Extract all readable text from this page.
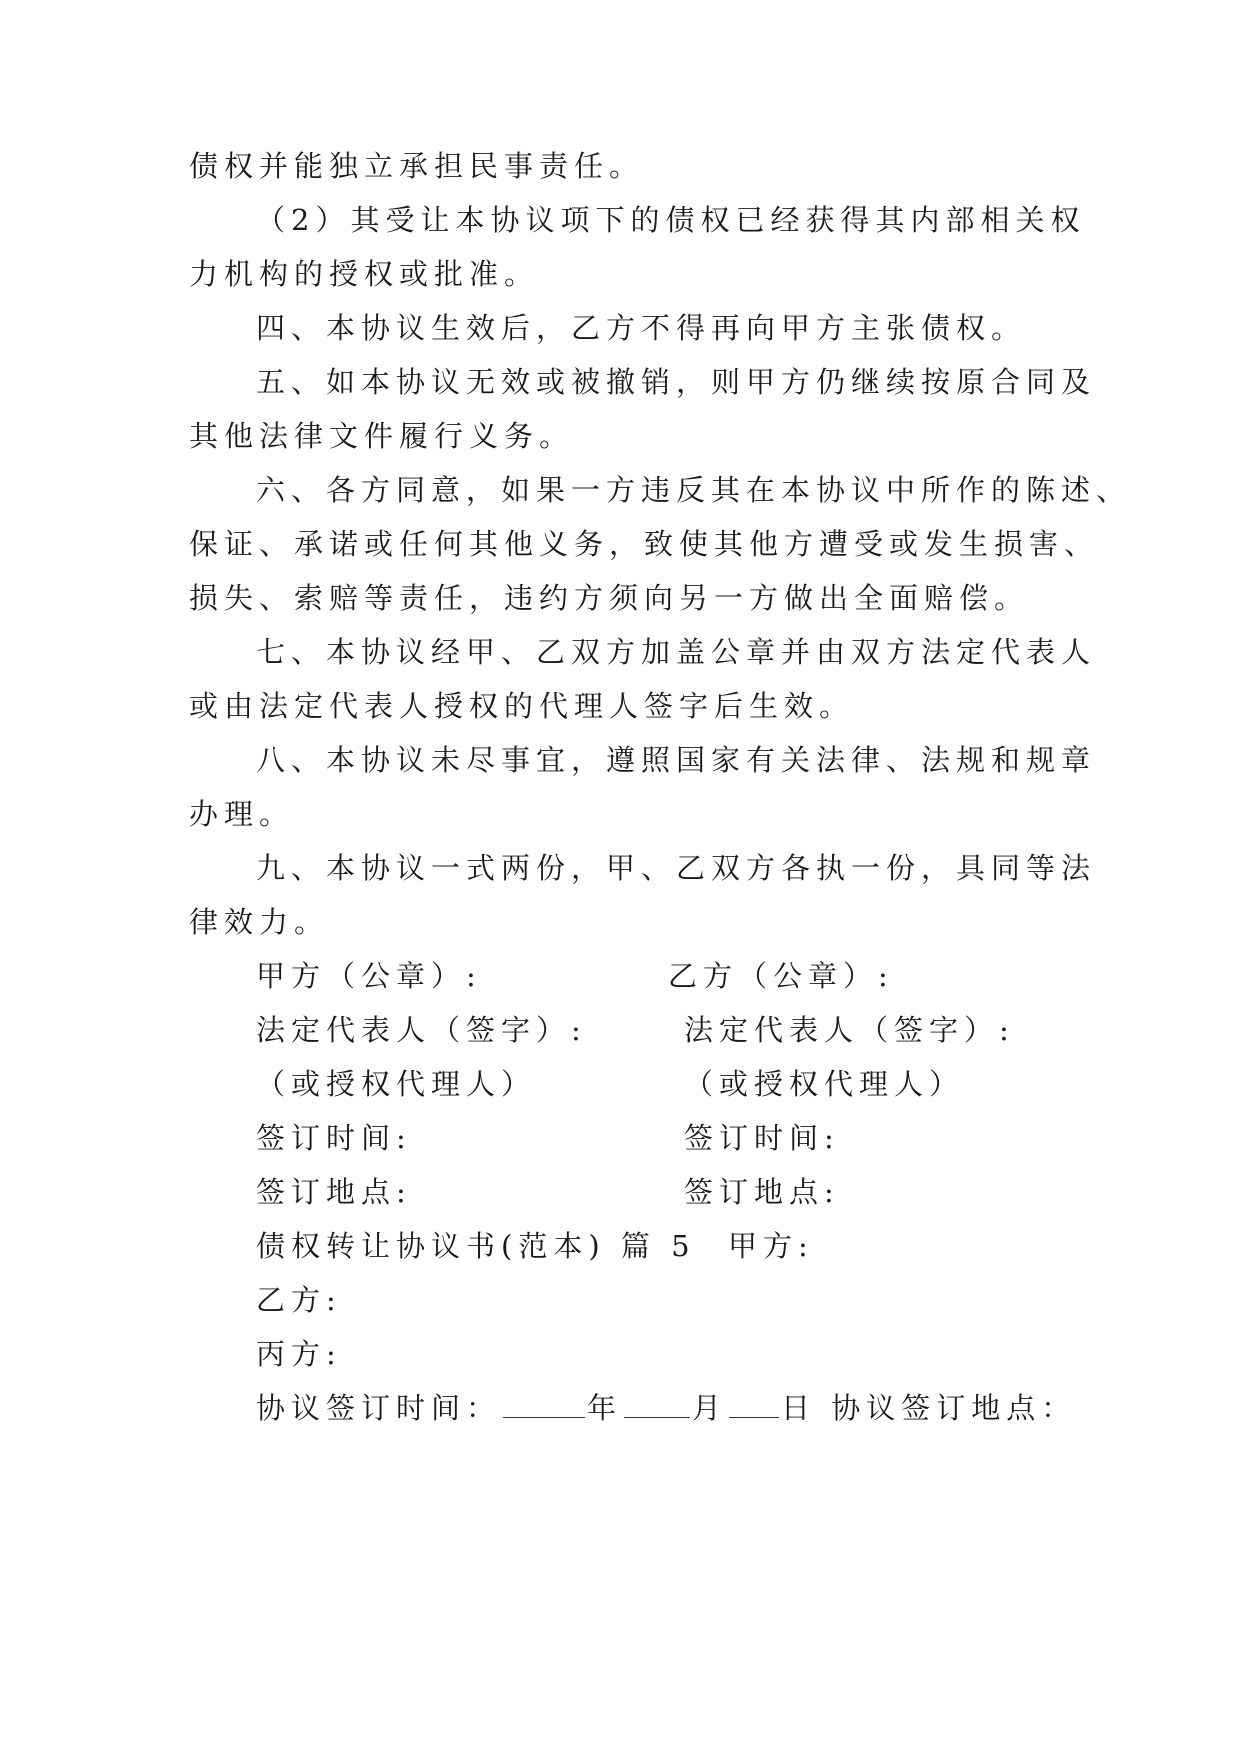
债权并能独立承担民事责任。
（2）其受让本协议项下的债权已经获得其内部相关权
力机构的授权或批准。
四、本协议生效后，乙方不得再向甲方主张债权。
五、如本协议无效或被撤销，则甲方仍继续按原合同及
其他法律文件履行义务。
六、各方同意，如果一方违反其在本协议中所作的陈述、
保证、承诺或任何其他义务，致使其他方遭受或发生损害、
损失、索赔等责任，违约方须向另一方做出全面赔偿。
七、本协议经甲、乙双方加盖公章并由双方法定代表人
或由法定代表人授权的代理人签字后生效。
八、本协议未尽事宜，遵照国家有关法律、法规和规章
办理。
九、本协议一式两份，甲、乙双方各执一份，具同等法
律效力。
甲方（公章）:	乙方（公章）:
法定代表人（签字）:	法定代表人（签字）:
（或授权代理人）	（或授权代理人）
签订时间:	签订时间:
签订地点:	签订地点:
债权转让协议书(范本) 篇 5 甲方:
乙方:
丙方:
协议签订时间：	年 月 日 协议签订地点：
